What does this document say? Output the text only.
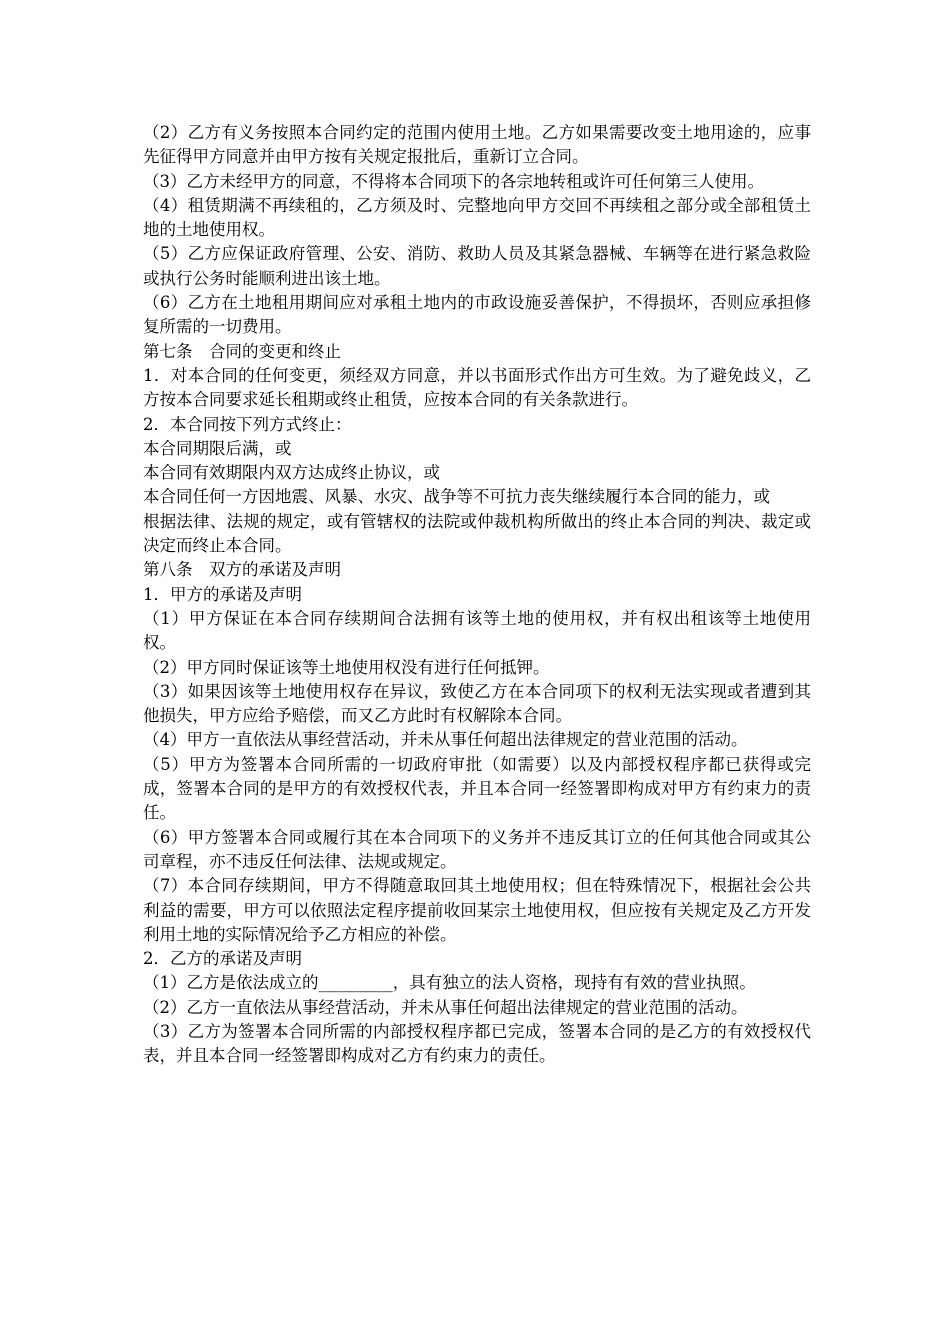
（2）乙方有义务按照本合同约定的范围内使用土地。乙方如果需要改变土地用途的，应事先征得甲方同意并由甲方按有关规定报批后，重新订立合同。

（3）乙方未经甲方的同意，不得将本合同项下的各宗地转租或许可任何第三人使用。

（4）租赁期满不再续租的，乙方须及时、完整地向甲方交回不再续租之部分或全部租赁土地的土地使用权。

（5）乙方应保证政府管理、公安、消防、救助人员及其紧急器械、车辆等在进行紧急救险或执行公务时能顺利进出该土地。

（6）乙方在土地租用期间应对承租土地内的市政设施妥善保护，不得损坏，否则应承担修复所需的一切费用。

第七条　合同的变更和终止

1．对本合同的任何变更，须经双方同意，并以书面形式作出方可生效。为了避免歧义，乙方按本合同要求延长租期或终止租赁，应按本合同的有关条款进行。

2．本合同按下列方式终止：

本合同期限后满，或

本合同有效期限内双方达成终止协议，或

本合同任何一方因地震、风暴、水灾、战争等不可抗力丧失继续履行本合同的能力，或

根据法律、法规的规定，或有管辖权的法院或仲裁机构所做出的终止本合同的判决、裁定或决定而终止本合同。

第八条　双方的承诺及声明

1．甲方的承诺及声明

（1）甲方保证在本合同存续期间合法拥有该等土地的使用权，并有权出租该等土地使用权。

（2）甲方同时保证该等土地使用权没有进行任何抵钾。

（3）如果因该等土地使用权存在异议，致使乙方在本合同项下的权利无法实现或者遭到其他损失，甲方应给予赔偿，而又乙方此时有权解除本合同。

（4）甲方一直依法从事经营活动，并未从事任何超出法律规定的营业范围的活动。

（5）甲方为签署本合同所需的一切政府审批（如需要）以及内部授权程序都已获得或完成，签署本合同的是甲方的有效授权代表，并且本合同一经签署即构成对甲方有约束力的责任。

（6）甲方签署本合同或履行其在本合同项下的义务并不违反其订立的任何其他合同或其公司章程，亦不违反任何法律、法规或规定。

（7）本合同存续期间，甲方不得随意取回其土地使用权；但在特殊情况下，根据社会公共利益的需要，甲方可以依照法定程序提前收回某宗土地使用权，但应按有关规定及乙方开发利用土地的实际情况给予乙方相应的补偿。

2．乙方的承诺及声明

（1）乙方是依法成立的_________，具有独立的法人资格，现持有有效的营业执照。

（2）乙方一直依法从事经营活动，并未从事任何超出法律规定的营业范围的活动。

（3）乙方为签署本合同所需的内部授权程序都已完成，签署本合同的是乙方的有效授权代表，并且本合同一经签署即构成对乙方有约束力的责任。
